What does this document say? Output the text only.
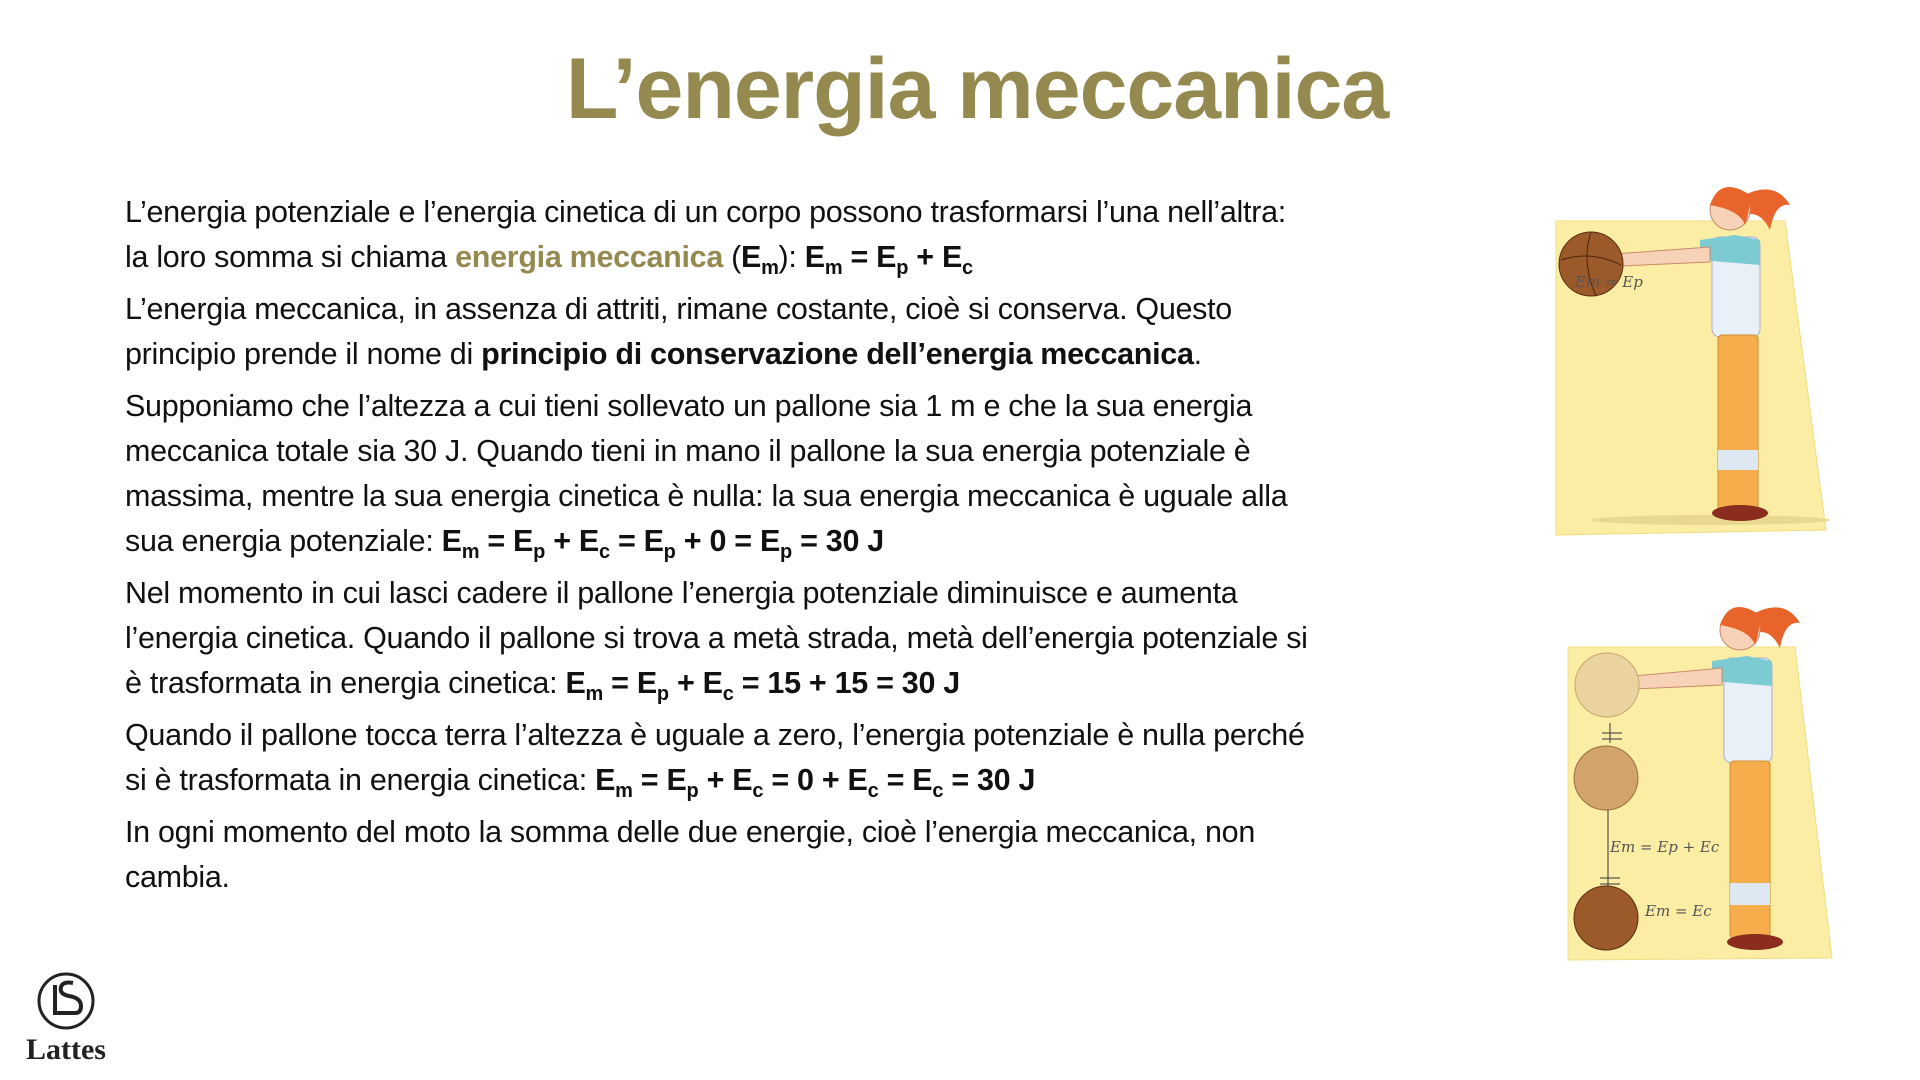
L’energia meccanica
L’energia potenziale e l’energia cinetica di un corpo possono trasformarsi l’una nell’altra:
la loro somma si chiama energia meccanica $(E_m)$: $E_m = E_p + E_c$
L’energia meccanica, in assenza di attriti, rimane costante, cioè si conserva. Questo
principio prende il nome di principio di conservazione dell’energia meccanica.
Supponiamo che l’altezza a cui tieni sollevato un pallone sia 1 m e che la sua energia
meccanica totale sia 30 J. Quando tieni in mano il pallone la sua energia potenziale è
massima, mentre la sua energia cinetica è nulla: la sua energia meccanica è uguale alla
sua energia potenziale: $E_m = E_p + E_c = E_p + 0 = E_p = 30$ J
Nel momento in cui lasci cadere il pallone l’energia potenziale diminuisce e aumenta
l’energia cinetica. Quando il pallone si trova a metà strada, metà dell’energia potenziale si
è trasformata in energia cinetica: $E_m = E_p + E_c = 15 + 15 = 30$ J
Quando il pallone tocca terra l’altezza è uguale a zero, l’energia potenziale è nulla perché
si è trasformata in energia cinetica: $E_m = E_p + E_c = 0 + E_c = E_c = 30$ J
In ogni momento del moto la somma delle due energie, cioè l’energia meccanica, non
cambia.
Em = Ep
Em = Ep + Ec
Em = Ec
Lattes
